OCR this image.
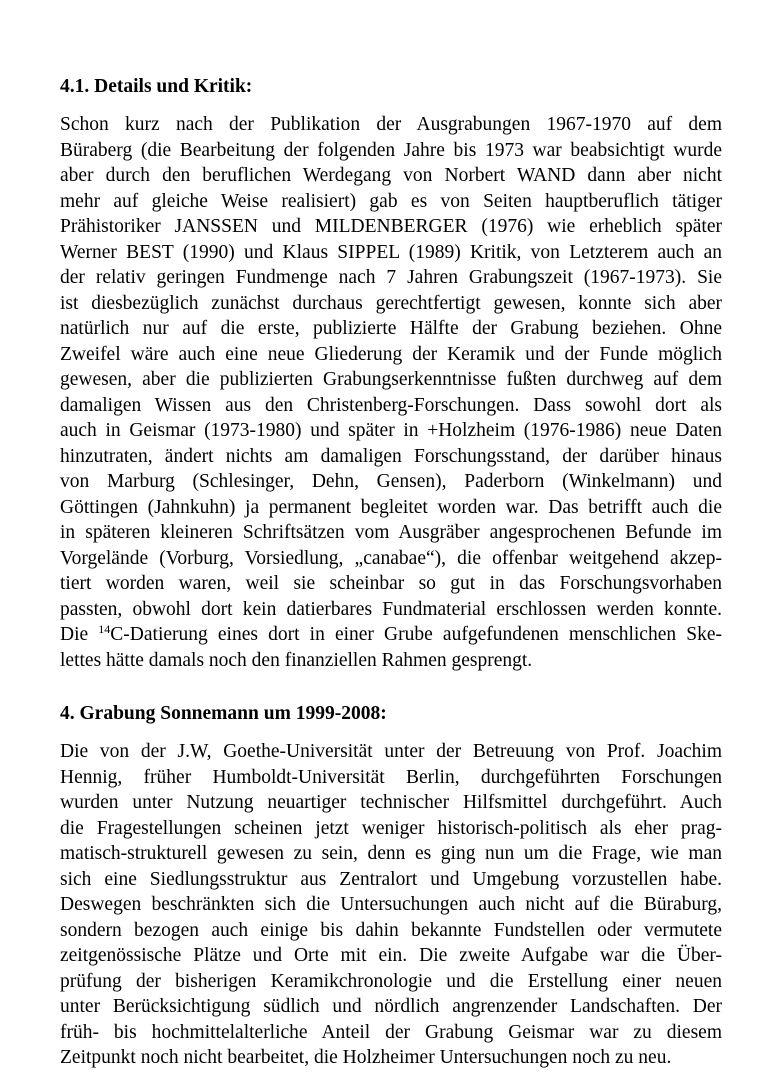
4.1. Details und Kritik:
Schon kurz nach der Publikation der Ausgrabungen 1967-1970 auf dem
Büraberg (die Bearbeitung der folgenden Jahre bis 1973 war beabsichtigt wurde
aber durch den beruflichen Werdegang von Norbert WAND dann aber nicht
mehr auf gleiche Weise realisiert) gab es von Seiten hauptberuflich tätiger
Prähistoriker JANSSEN und MILDENBERGER (1976) wie erheblich später
Werner BEST (1990) und Klaus SIPPEL (1989) Kritik, von Letzterem auch an
der relativ geringen Fundmenge nach 7 Jahren Grabungszeit (1967-1973). Sie
ist diesbezüglich zunächst durchaus gerechtfertigt gewesen, konnte sich aber
natürlich nur auf die erste, publizierte Hälfte der Grabung beziehen. Ohne
Zweifel wäre auch eine neue Gliederung der Keramik und der Funde möglich
gewesen, aber die publizierten Grabungserkenntnisse fußten durchweg auf dem
damaligen Wissen aus den Christenberg-Forschungen. Dass sowohl dort als
auch in Geismar (1973-1980) und später in +Holzheim (1976-1986) neue Daten
hinzutraten, ändert nichts am damaligen Forschungsstand, der darüber hinaus
von Marburg (Schlesinger, Dehn, Gensen), Paderborn (Winkelmann) und
Göttingen (Jahnkuhn) ja permanent begleitet worden war. Das betrifft auch die
in späteren kleineren Schriftsätzen vom Ausgräber angesprochenen Befunde im
Vorgelände (Vorburg, Vorsiedlung, „canabae“), die offenbar weitgehend akzep-
tiert worden waren, weil sie scheinbar so gut in das Forschungsvorhaben
passten, obwohl dort kein datierbares Fundmaterial erschlossen werden konnte.
Die $^{14}$C-Datierung eines dort in einer Grube aufgefundenen menschlichen Ske-
lettes hätte damals noch den finanziellen Rahmen gesprengt.
4. Grabung Sonnemann um 1999-2008:
Die von der J.W, Goethe-Universität unter der Betreuung von Prof. Joachim
Hennig, früher Humboldt-Universität Berlin, durchgeführten Forschungen
wurden unter Nutzung neuartiger technischer Hilfsmittel durchgeführt. Auch
die Fragestellungen scheinen jetzt weniger historisch-politisch als eher prag-
matisch-strukturell gewesen zu sein, denn es ging nun um die Frage, wie man
sich eine Siedlungsstruktur aus Zentralort und Umgebung vorzustellen habe.
Deswegen beschränkten sich die Untersuchungen auch nicht auf die Büraburg,
sondern bezogen auch einige bis dahin bekannte Fundstellen oder vermutete
zeitgenössische Plätze und Orte mit ein. Die zweite Aufgabe war die Über-
prüfung der bisherigen Keramikchronologie und die Erstellung einer neuen
unter Berücksichtigung südlich und nördlich angrenzender Landschaften. Der
früh- bis hochmittelalterliche Anteil der Grabung Geismar war zu diesem
Zeitpunkt noch nicht bearbeitet, die Holzheimer Untersuchungen noch zu neu.
